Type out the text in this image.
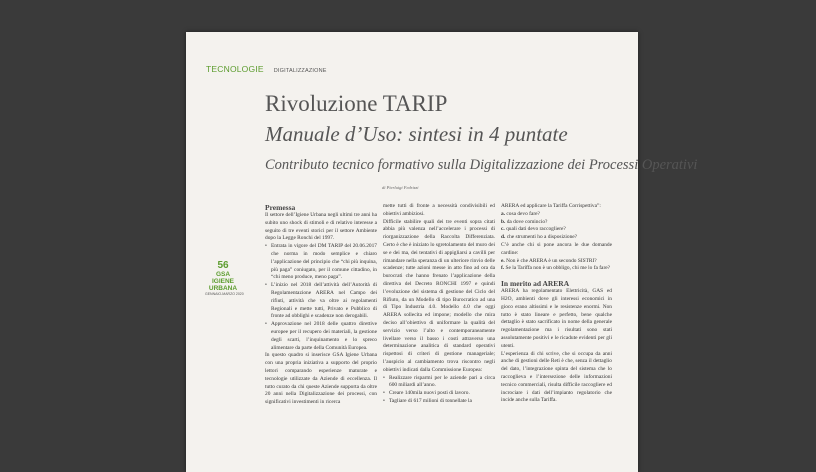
TECNOLOGIE DIGITALIZZAZIONE
Rivoluzione TARIP
Manuale d’Uso: sintesi in 4 puntate
Contributo tecnico formativo sulla Digitalizzazione dei Processi Operativi
di Pierluigi Fedrizzi
56
GSA
IGIENE URBANA
GENNAIO-MARZO 2020
Premessa

Il settore dell’Igiene Urbana negli ultimi tre anni ha subito uno shock di stimoli e di relativo interesse a seguito di tre eventi storici per il settore Ambiente dopo la Legge Ronchi del 1997.

• Entrata in vigore del DM TARIP del 20.06.2017 che norma in modo semplice e chiaro l’applicazione del principio che “chi più inquina, più paga” coniugato, per il comune cittadino, in “chi meno produce, meno paga”.
• L’inizio nel 2018 dell’attività dell’Autorità di Regolamentazione ARERA nel Campo dei rifiuti, attività che va oltre ai regolamenti Regionali e mette tutti, Privato e Pubblico di fronte ad obblighi e scadenze non derogabili.
• Approvazione nel 2018 delle quattro direttive europee per il recupero dei materiali, la gestione degli scarti, l’inquinamento e lo spreco alimentare da parte della Comunità Europea.

In questo quadro si inserisce GSA Igiene Urbana con una propria iniziativa a supporto del proprio lettori comparando esperienze maturate e tecnologie utilizzate da Aziende di eccellenza. Il tutto curato da chi queste Aziende supporta da oltre 20 anni nella Digitalizzazione dei processi, con significativi investimenti in ricerca

mette tutti di fronte a necessità condivisibili ed obiettivi ambiziosi.

Difficile stabilire quali dei tre eventi sopra citati abbia più valenza nell’accelerare i processi di riorganizzazione della Raccolta Differenziata. Certo è che è iniziato lo sgretolamento del muro dei se e dei ma, dei tentativi di appigliarsi a cavilli per rimandare nella speranza di un ulteriore rinvio delle scadenze; tutte azioni messe in atto fino ad ora da burocrati che hanno frenato l’applicazione della direttiva del Decreto RONCHI 1997 e quindi l’evoluzione del sistema di gestione del Ciclo del Rifiuto, da un Modello di tipo Burocratico ad una di Tipo Industria 4.0. Modello 4.0 che oggi ARERA sollecita ed impone; modello che mira deciso all’obiettivo di uniformare la qualità del servizio verso l’alto e contemporaneamente livellare verso il basso i costi attraverso una determinazione analitica di standard operativi rispettosi di criteri di gestione manageriale; l’auspicio al cambiamento trova riscontro negli obiettivi indicati dalla Commissione Europea:

• Realizzare risparmi per le aziende pari a circa 600 miliardi all’anno.
• Creare 140mila nuovi posti di lavoro.
• Tagliare di 617 milioni di tonnellate la

ARERA ed applicare la Tariffa Corrispettiva”:

a. cosa devo fare?

b. da dove comincio?

c. quali dati devo raccogliere?

d. che strumenti ho a disposizione?

C’è anche chi si pone ancora le due domande cardine:

e. Non è che ARERA è un secondo SISTRI?

f. Se la Tariffa non è un obbligo, chi me lo fa fare?

In merito ad ARERA

ARERA ha regolamentato Elettricità, GAS ed H2O, ambienti dove gli interessi economici in gioco erano altissimi e le resistenze enormi. Non tutto è stato lineare e perfetto, bene qualche dettaglio è stato sacrificato in nome della generale regolamentazione ma i risultati sono stati assolutamente positivi e le ricadute evidenti per gli utenti.

L’esperienza di chi scrive, che si occupa da anni anche di gestioni delle Reti è che, senza il dettaglio del dato, l’integrazione spinta del sistema che lo raccoglieva e l’intersezione delle informazioni tecnico commerciali, risulta difficile raccogliere ed incrociare i dati dell’impianto regolatorio che incide anche sulla Tariffa.
